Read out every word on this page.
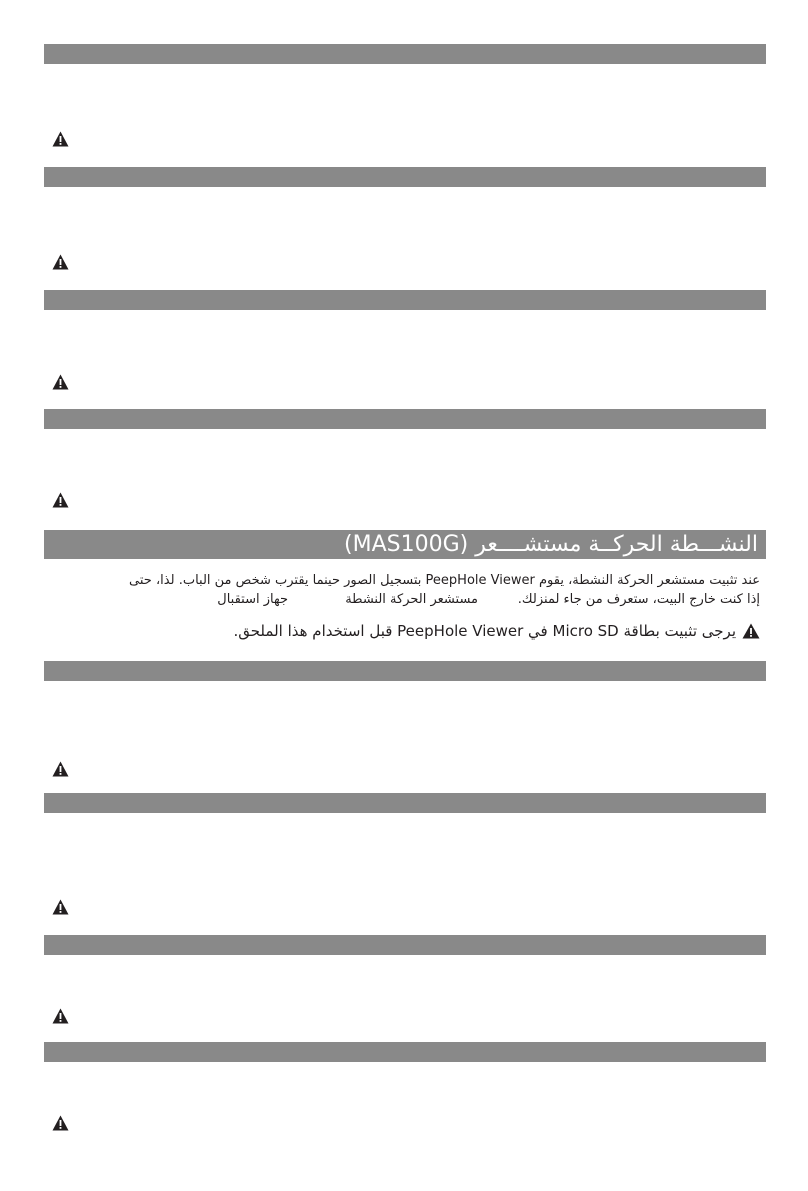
النشـــطة الحركــة مستشــــعر (MAS100G)
عند تثبيت مستشعر الحركة النشطة، يقوم PeepHole Viewer بتسجيل الصور حينما يقترب شخص من الباب. لذا، حتى
إذا كنت خارج البيت، ستعرف من جاء لمنزلك.
مستشعر الحركة النشطة
جهاز استقبال
يرجى تثبيت بطاقة Micro SD في PeepHole Viewer قبل استخدام هذا الملحق.
